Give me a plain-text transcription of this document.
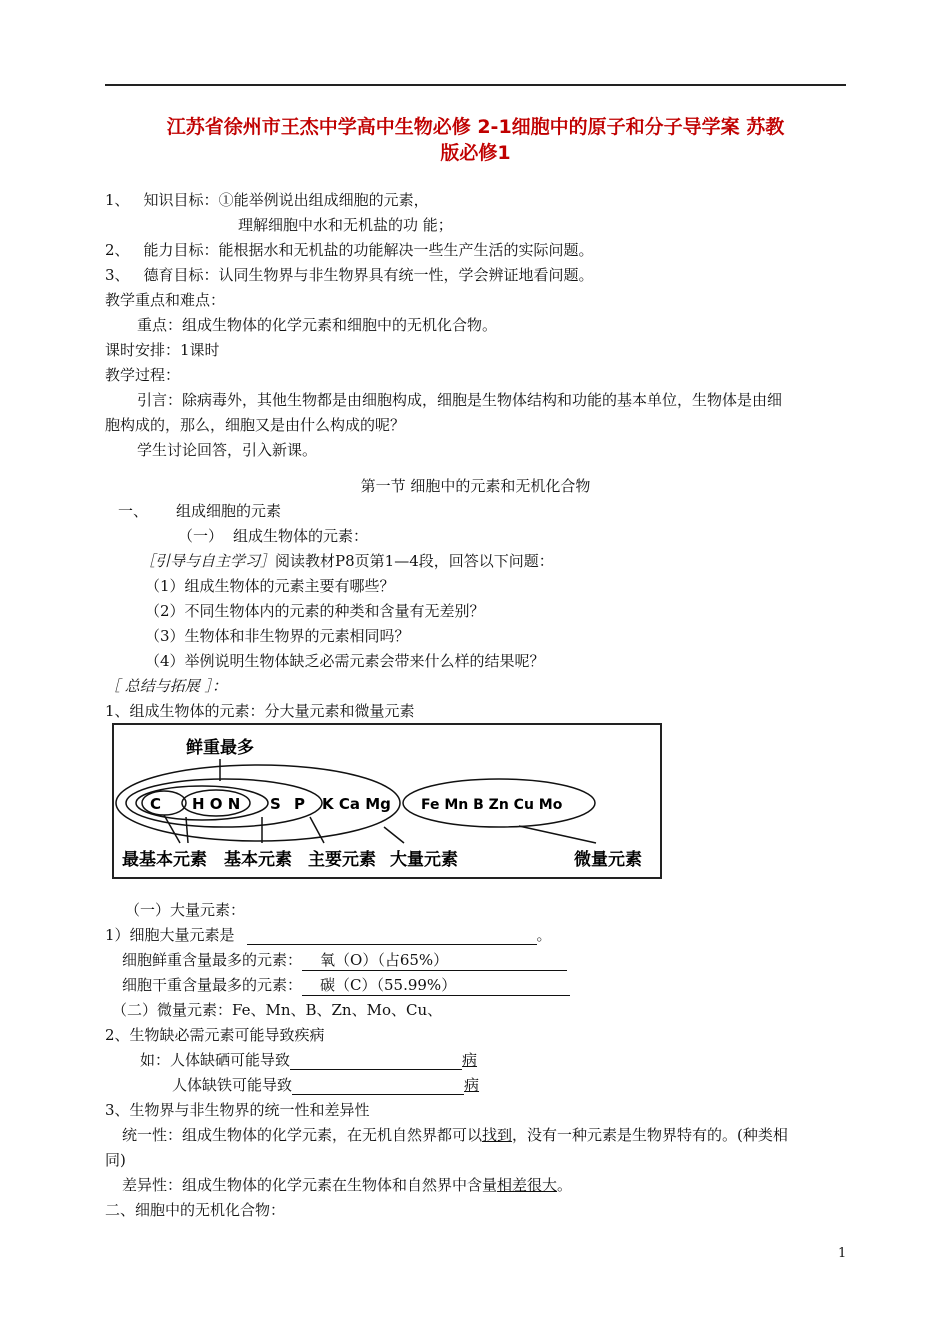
江苏省徐州市王杰中学高中生物必修 2-1细胞中的原子和分子导学案 苏教
版必修1
1、 知识目标：①能举例说出组成细胞的元素，
理解细胞中水和无机盐的功 能；
2、 能力目标：能根据水和无机盐的功能解决一些生产生活的实际问题。
3、 德育目标：认同生物界与非生物界具有统一性，学会辨证地看问题。
教学重点和难点：
重点：组成生物体的化学元素和细胞中的无机化合物。
课时安排：1课时
教学过程：
引言：除病毒外，其他生物都是由细胞构成，细胞是生物体结构和功能的基本单位，生物体是由细
胞构成的，那么，细胞又是由什么构成的呢？
学生讨论回答，引入新课。
第一节 细胞中的元素和无机化合物
一、 组成细胞的元素
（一） 组成生物体的元素：
［引导与自主学习］阅读教材P8页第1—4段，回答以下问题：
（1）组成生物体的元素主要有哪些？
（2）不同生物体内的元素的种类和含量有无差别？
（3）生物体和非生物界的元素相同吗？
（4）举例说明生物体缺乏必需元素会带来什么样的结果呢？
［ 总结与拓展 ］：
1、组成生物体的元素：分大量元素和微量元素
鲜重最多
C H O N S P K Ca Mg Fe Mn B Zn Cu Mo
最基本元素 基本元素 主要元素 大量元素	微量元素
（一）大量元素：
1）细胞大量元素是	。
细胞鲜重含量最多的元素： 氧（O）（占65%）
细胞干重含量最多的元素： 碳（C）（55.99%）
（二）微量元素：Fe、Mn、B、Zn、Mo、Cu、
2、生物缺必需元素可能导致疾病
如：人体缺硒可能导致	病
人体缺铁可能导致	病
3、生物界与非生物界的统一性和差异性
统一性：组成生物体的化学元素，在无机自然界都可以找到，没有一种元素是生物界特有的。(种类相
同)
差异性：组成生物体的化学元素在生物体和自然界中含量相差很大。
二、细胞中的无机化合物：
1
